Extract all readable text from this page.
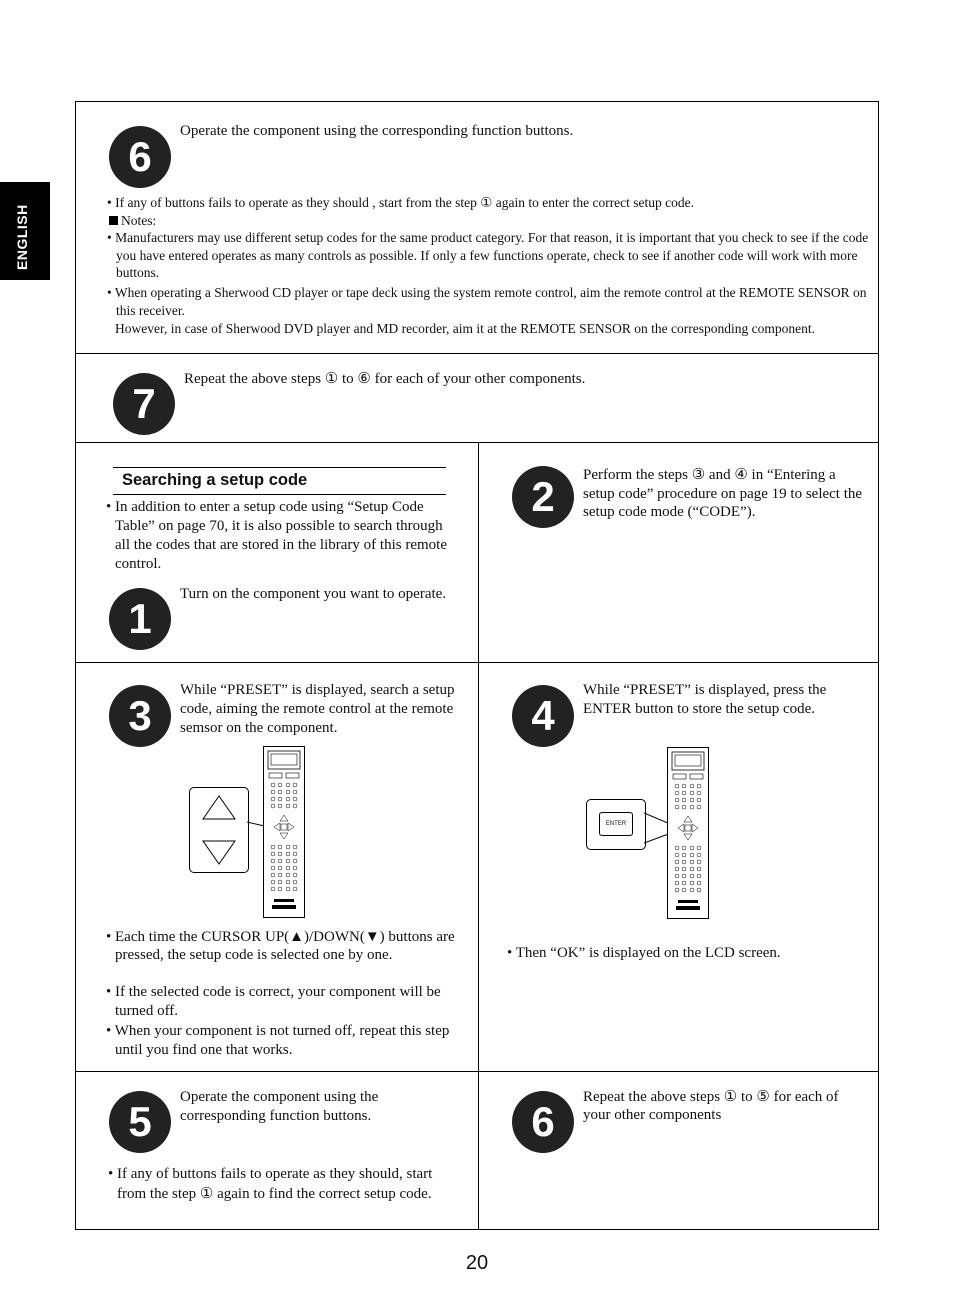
ENGLISH
6
Operate the component using the corresponding function buttons.
• If any of buttons fails to operate as they should , start from the step ① again to enter the correct setup code.
Notes:
• Manufacturers may use different setup codes for the same product category. For that reason, it is important that you check to see if the code you have entered operates as many controls as possible. If only a few functions operate, check to see if another code will work with more buttons.
• When operating a Sherwood CD player or tape deck using the system remote control, aim the remote control at the REMOTE SENSOR on this receiver.
However, in case of Sherwood DVD player and MD recorder, aim it at the REMOTE SENSOR on the corresponding component.
7
Repeat the above steps ① to ⑥ for each of your other components.
Searching a setup code
• In addition to enter a setup code using “Setup Code Table” on page 70, it is also possible to search through all the codes that are stored in the library of this remote control.
1
Turn on the component you want to operate.
2	Perform the steps ③ and ④ in “Entering a setup code” procedure on page 19 to select the setup code mode (“CODE”).
3
While “PRESET” is displayed, search a setup code, aiming the remote control at the remote semsor on the component.
• Each time the CURSOR UP(▲)/DOWN(▼) buttons are pressed, the setup code is selected one by one.
• If the selected code is correct, your component will be turned off.
• When your component is not turned off, repeat this step until you find one that works.
4
While “PRESET” is displayed, press the ENTER button to store the setup code.
ENTER
• Then “OK” is displayed on the LCD screen.
5
Operate the component using the corresponding function buttons.
• If any of buttons fails to operate as they should, start from the step ① again to find the correct setup code.
6
Repeat the above steps ① to ⑤ for each of your other components
20
